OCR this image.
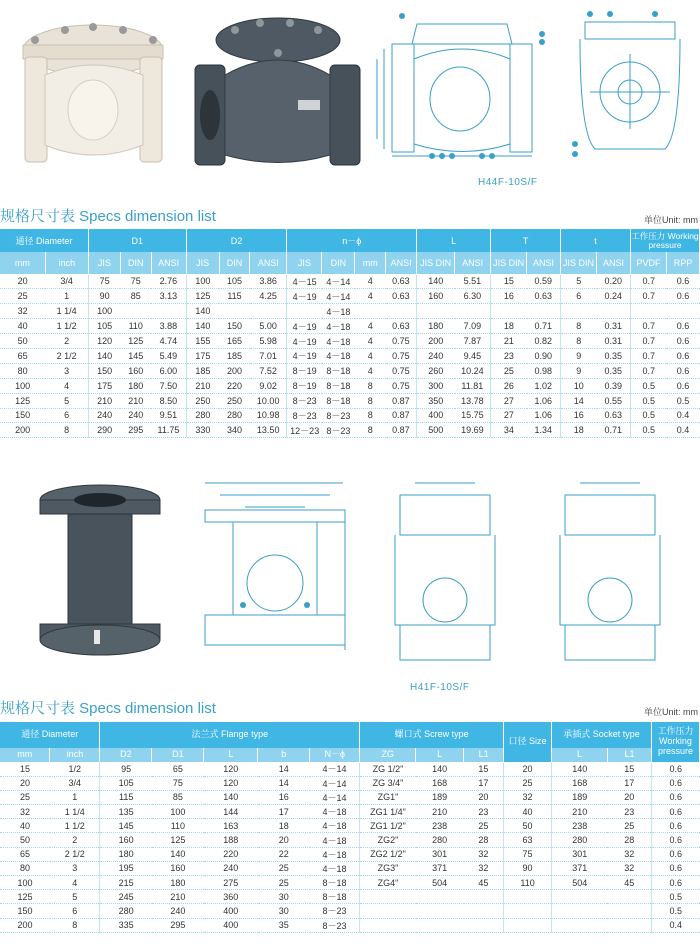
H44F-10S/F
规格尺寸表 Specs dimension list	单位Unit: mm
通径 Diameter		D1			D2			n－ϕ				L		T		t		工作压力 Working pressure	
mm	inch	JIS	DIN	ANSI	JIS	DIN	ANSI	JIS	DIN	mm	ANSI	JIS DIN	ANSI	JIS DIN	ANSI	JIS DIN	ANSI	PVDF	RPP
20	3/4	75	75	2.76	100	105	3.86	4－15	4－14	4	0.63	140	5.51	15	0.59	5	0.20	0.7	0.6
25	1	90	85	3.13	125	115	4.25	4－19	4－14	4	0.63	160	6.30	16	0.63	6	0.24	0.7	0.6
32	1 1/4	100			140				4－18										
40	1 1/2	105	110	3.88	140	150	5.00	4－19	4－18	4	0.63	180	7.09	18	0.71	8	0.31	0.7	0.6
50	2	120	125	4.74	155	165	5.98	4－19	4－18	4	0.75	200	7.87	21	0.82	8	0.31	0.7	0.6
65	2 1/2	140	145	5.49	175	185	7.01	4－19	4－18	4	0.75	240	9.45	23	0.90	9	0.35	0.7	0.6
80	3	150	160	6.00	185	200	7.52	8－19	8－18	4	0.75	260	10.24	25	0.98	9	0.35	0.7	0.6
100	4	175	180	7.50	210	220	9.02	8－19	8－18	8	0.75	300	11.81	26	1.02	10	0.39	0.5	0.6
125	5	210	210	8.50	250	250	10.00	8－23	8－18	8	0.87	350	13.78	27	1.06	14	0.55	0.5	0.5
150	6	240	240	9.51	280	280	10.98	8－23	8－23	8	0.87	400	15.75	27	1.06	16	0.63	0.5	0.4
200	8	290	295	11.75	330	340	13.50	12－23	8－23	8	0.87	500	19.69	34	1.34	18	0.71	0.5	0.4
H41F-10S/F
规格尺寸表 Specs dimension list	单位Unit: mm
通径 Diameter		法兰式 Flange type					螺口式 Screw type			口径 Size	承插式 Socket type		工作压力 Working pressure
mm	inch	D2	D1	L	b	N－ϕ	ZG	L	L1		L	L1	
15	1/2	95	65	120	14	4－14	ZG 1/2"	140	15	20	140	15	0.6
20	3/4	105	75	120	14	4－14	ZG 3/4"	168	17	25	168	17	0.6
25	1	115	85	140	16	4－14	ZG1"	189	20	32	189	20	0.6
32	1 1/4	135	100	144	17	4－18	ZG1 1/4"	210	23	40	210	23	0.6
40	1 1/2	145	110	163	18	4－18	ZG1 1/2"	238	25	50	238	25	0.6
50	2	160	125	188	20	4－18	ZG2"	280	28	63	280	28	0.6
65	2 1/2	180	140	220	22	4－18	ZG2 1/2"	301	32	75	301	32	0.6
80	3	195	160	240	25	4－18	ZG3"	371	32	90	371	32	0.6
100	4	215	180	275	25	8－18	ZG4"	504	45	110	504	45	0.6
125	5	245	210	360	30	8－18							0.5
150	6	280	240	400	30	8－23							0.5
200	8	335	295	400	35	8－23							0.4
